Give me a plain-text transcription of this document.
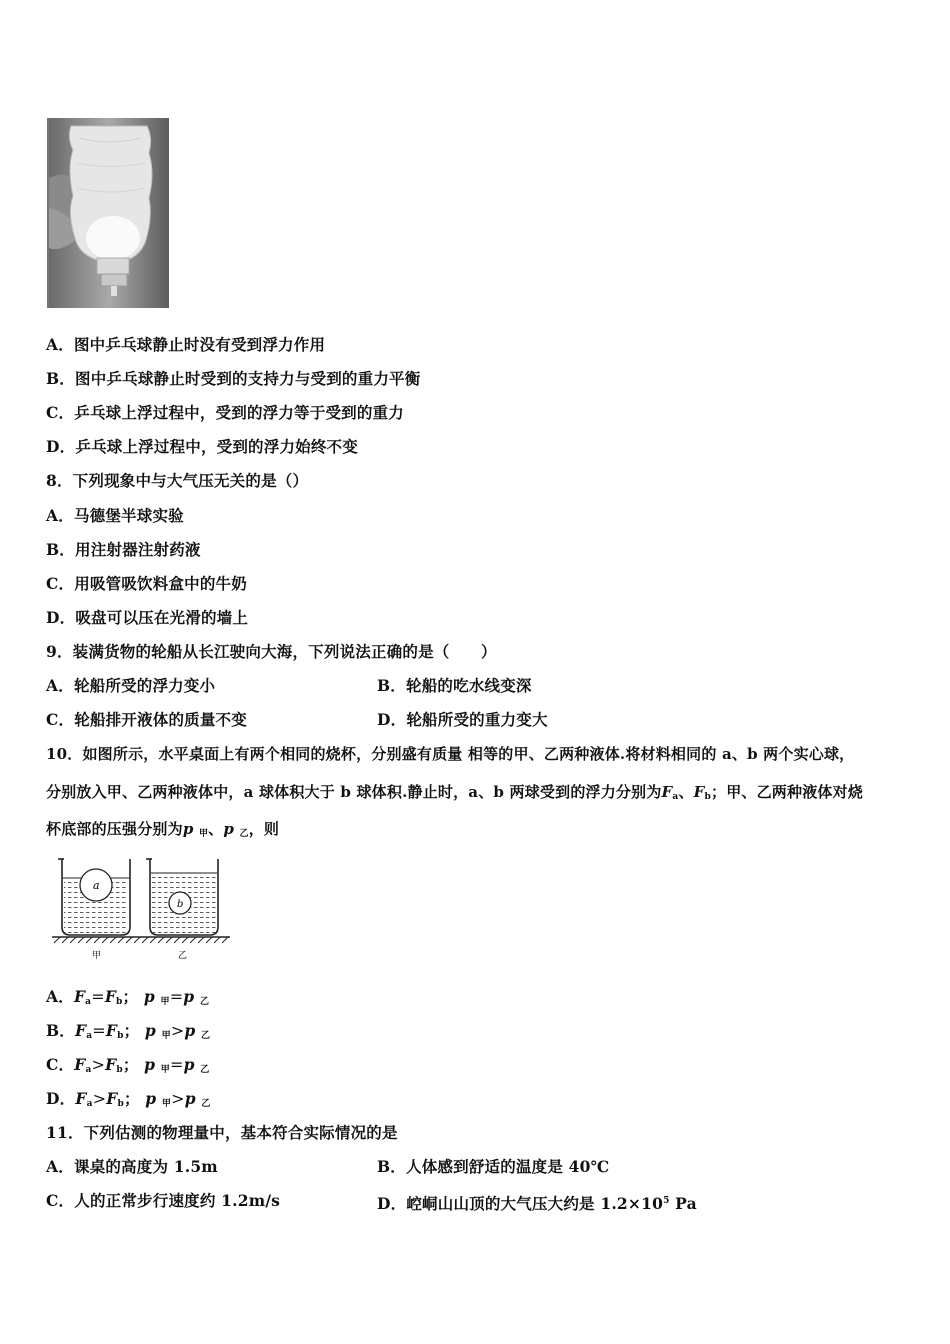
A．图中乒乓球静止时没有受到浮力作用
B．图中乒乓球静止时受到的支持力与受到的重力平衡
C．乒乓球上浮过程中，受到的浮力等于受到的重力
D．乒乓球上浮过程中，受到的浮力始终不变
8．下列现象中与大气压无关的是（）
A．马德堡半球实验
B．用注射器注射药液
C．用吸管吸饮料盒中的牛奶
D．吸盘可以压在光滑的墙上
9．装满货物的轮船从长江驶向大海，下列说法正确的是（　　）
A．轮船所受的浮力变小	B．轮船的吃水线变深
C．轮船排开液体的质量不变	D．轮船所受的重力变大
10．如图所示，水平桌面上有两个相同的烧杯，分别盛有质量 相等的甲、乙两种液体.将材料相同的 a、b 两个实心球，
分别放入甲、乙两种液体中，a 球体积大于 b 球体积.静止时，a、b 两球受到的浮力分别为$F_a$、$F_b$；甲、乙两种液体对烧
杯底部的压强分别为p $_甲$、p $_乙$，则
a
b
甲	乙
A．$F_a=F_b$； p $_甲$=p $_乙$
B．$F_a=F_b$； p $_甲$>p $_乙$
C．$F_a>F_b$； p $_甲$=p $_乙$
D．$F_a>F_b$； p $_甲$>p $_乙$
11．下列估测的物理量中，基本符合实际情况的是
A．课桌的高度为 1.5m	B．人体感到舒适的温度是 40℃
C．人的正常步行速度约 1.2m/s	D．崆峒山山顶的大气压大约是 $1.2\times 10^5$ Pa
